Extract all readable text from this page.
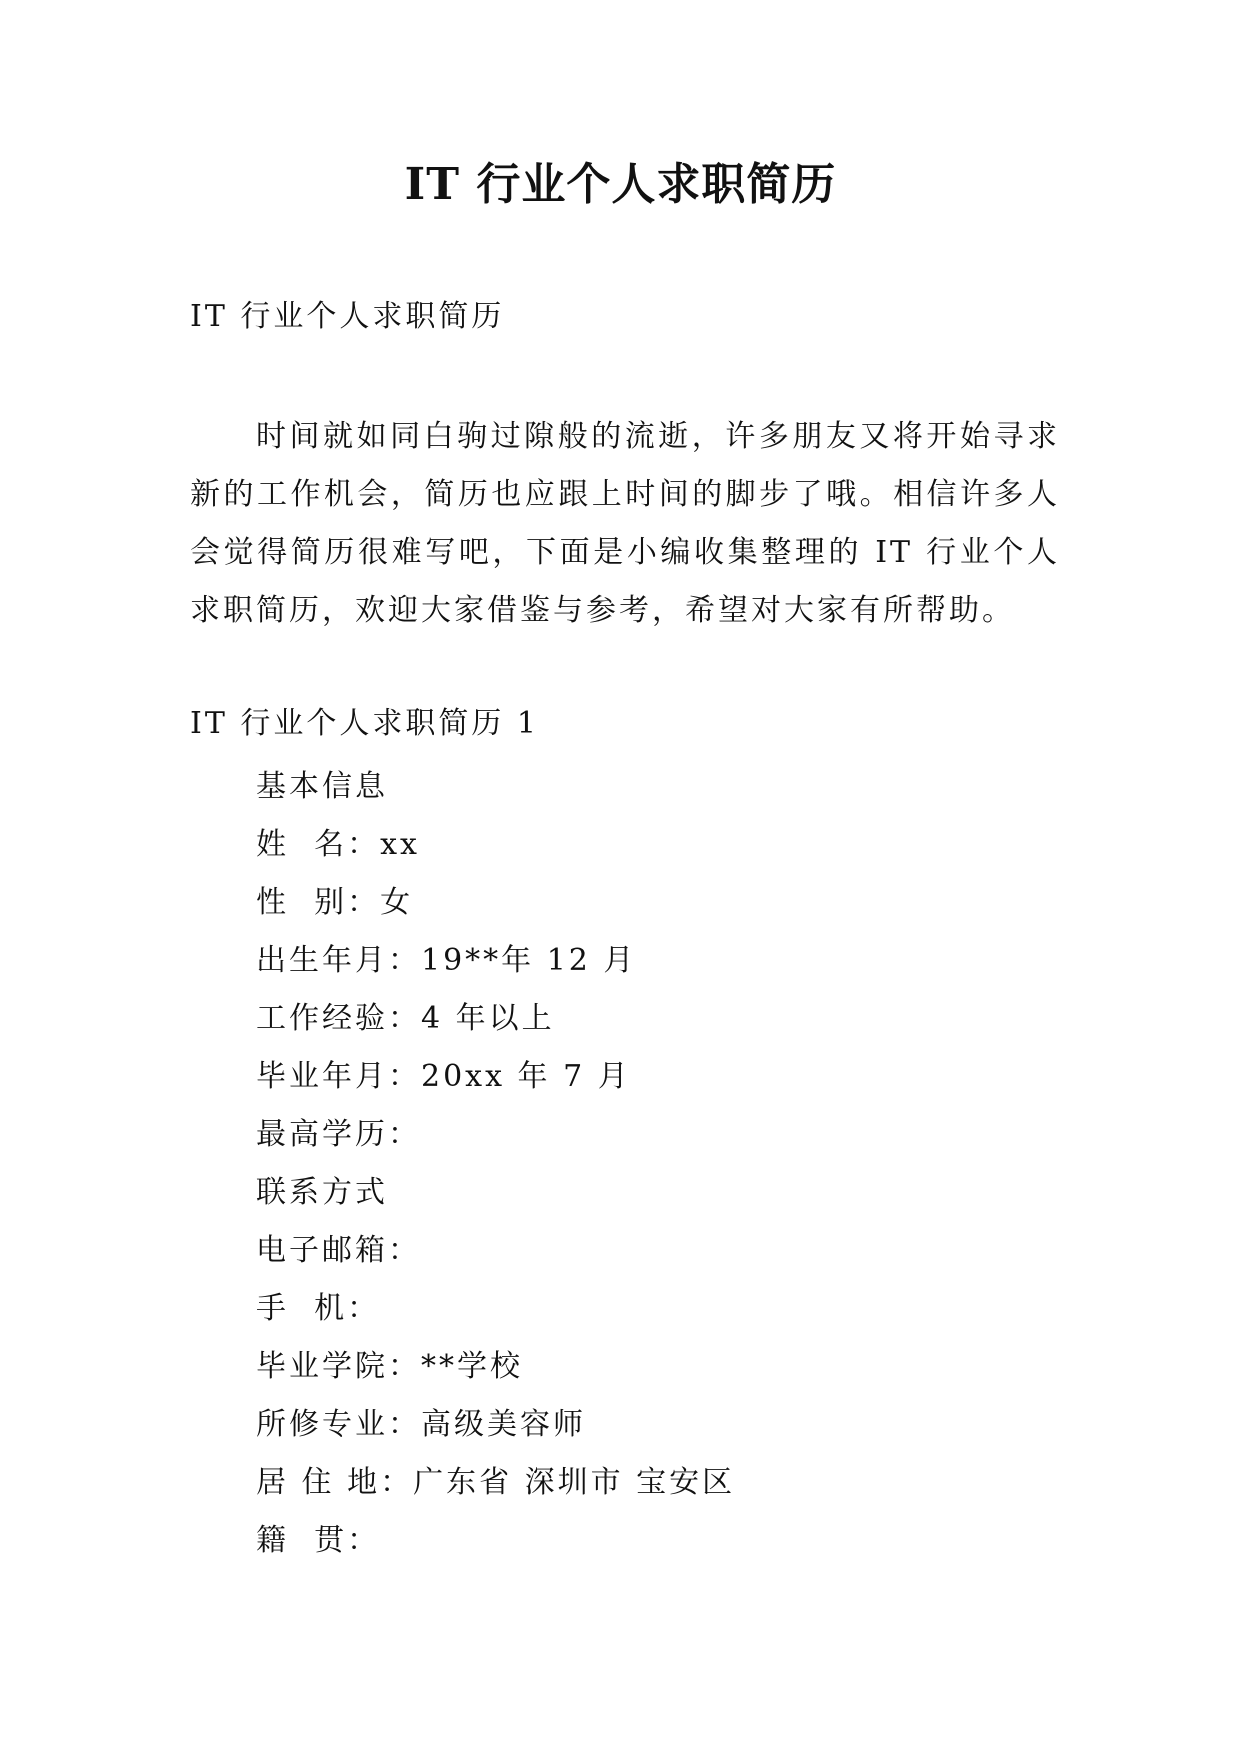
IT 行业个人求职简历

IT 行业个人求职简历

时间就如同白驹过隙般的流逝，许多朋友又将开始寻求新的工作机会，简历也应跟上时间的脚步了哦。相信许多人会觉得简历很难写吧，下面是小编收集整理的 IT 行业个人求职简历，欢迎大家借鉴与参考，希望对大家有所帮助。

IT 行业个人求职简历 1

基本信息
姓  名：xx
性  别：女
出生年月：19**年 12 月
工作经验：4 年以上
毕业年月：20xx 年 7 月
最高学历：
联系方式
电子邮箱：
手  机：
毕业学院：**学校
所修专业：高级美容师
居 住 地：广东省 深圳市 宝安区
籍  贯：
